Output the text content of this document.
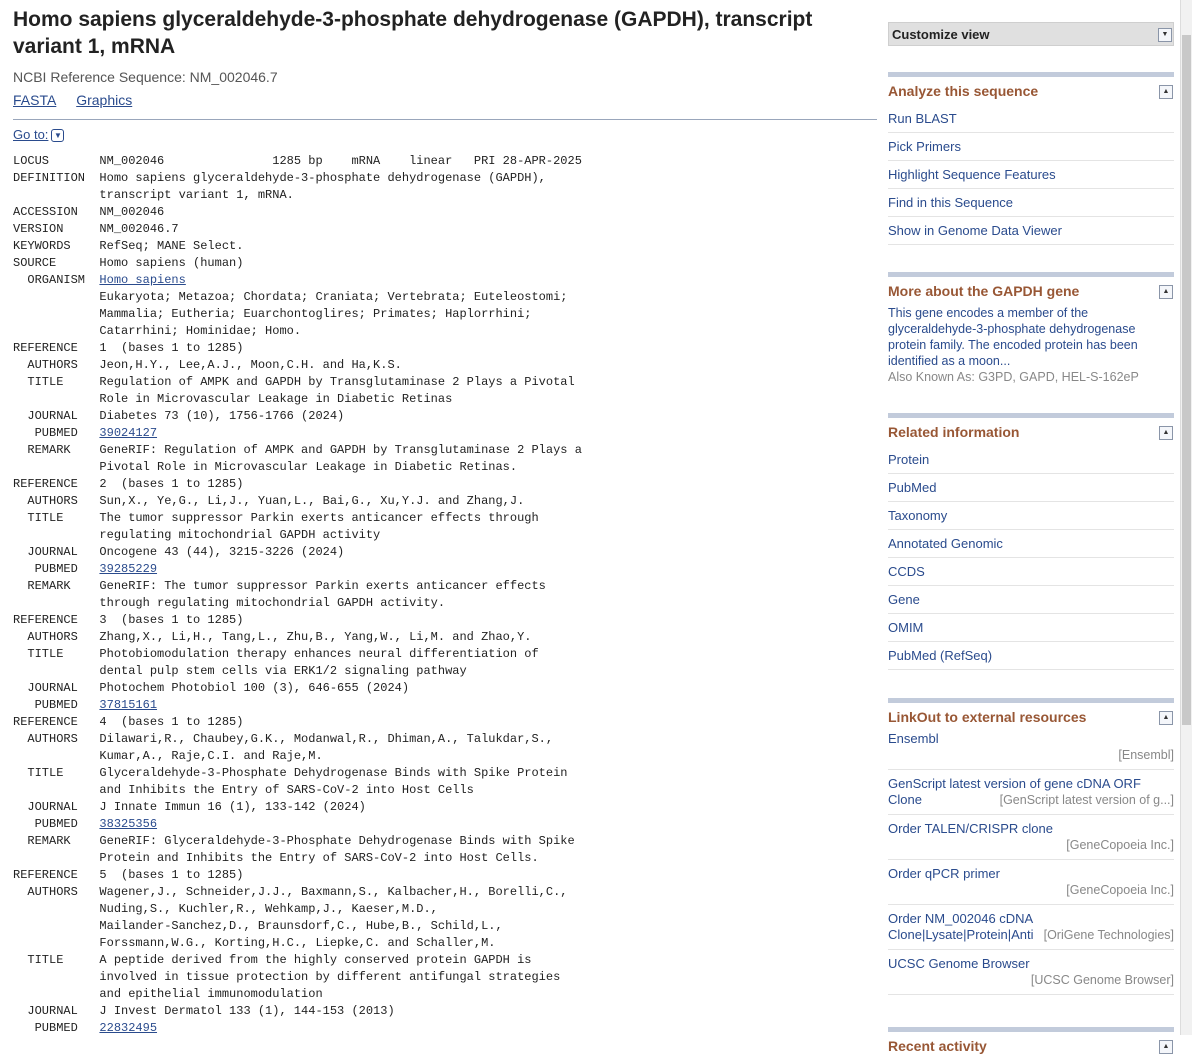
Homo sapiens glyceraldehyde-3-phosphate dehydrogenase (GAPDH), transcript variant 1, mRNA
NCBI Reference Sequence: NM_002046.7
FASTA Graphics
Go to: ▼
LOCUS       NM_002046               1285 bp    mRNA    linear   PRI 28-APR-2025
DEFINITION  Homo sapiens glyceraldehyde-3-phosphate dehydrogenase (GAPDH),
transcript variant 1, mRNA.
ACCESSION   NM_002046
VERSION     NM_002046.7
KEYWORDS    RefSeq; MANE Select.
SOURCE      Homo sapiens (human)
ORGANISM  Homo sapiens
Eukaryota; Metazoa; Chordata; Craniata; Vertebrata; Euteleostomi;
Mammalia; Eutheria; Euarchontoglires; Primates; Haplorrhini;
Catarrhini; Hominidae; Homo.
REFERENCE   1  (bases 1 to 1285)
AUTHORS   Jeon,H.Y., Lee,A.J., Moon,C.H. and Ha,K.S.
TITLE     Regulation of AMPK and GAPDH by Transglutaminase 2 Plays a Pivotal
Role in Microvascular Leakage in Diabetic Retinas
JOURNAL   Diabetes 73 (10), 1756-1766 (2024)
PUBMED   39024127
REMARK    GeneRIF: Regulation of AMPK and GAPDH by Transglutaminase 2 Plays a
Pivotal Role in Microvascular Leakage in Diabetic Retinas.
REFERENCE   2  (bases 1 to 1285)
AUTHORS   Sun,X., Ye,G., Li,J., Yuan,L., Bai,G., Xu,Y.J. and Zhang,J.
TITLE     The tumor suppressor Parkin exerts anticancer effects through
regulating mitochondrial GAPDH activity
JOURNAL   Oncogene 43 (44), 3215-3226 (2024)
PUBMED   39285229
REMARK    GeneRIF: The tumor suppressor Parkin exerts anticancer effects
through regulating mitochondrial GAPDH activity.
REFERENCE   3  (bases 1 to 1285)
AUTHORS   Zhang,X., Li,H., Tang,L., Zhu,B., Yang,W., Li,M. and Zhao,Y.
TITLE     Photobiomodulation therapy enhances neural differentiation of
dental pulp stem cells via ERK1/2 signaling pathway
JOURNAL   Photochem Photobiol 100 (3), 646-655 (2024)
PUBMED   37815161
REFERENCE   4  (bases 1 to 1285)
AUTHORS   Dilawari,R., Chaubey,G.K., Modanwal,R., Dhiman,A., Talukdar,S.,
Kumar,A., Raje,C.I. and Raje,M.
TITLE     Glyceraldehyde-3-Phosphate Dehydrogenase Binds with Spike Protein
and Inhibits the Entry of SARS-CoV-2 into Host Cells
JOURNAL   J Innate Immun 16 (1), 133-142 (2024)
PUBMED   38325356
REMARK    GeneRIF: Glyceraldehyde-3-Phosphate Dehydrogenase Binds with Spike
Protein and Inhibits the Entry of SARS-CoV-2 into Host Cells.
REFERENCE   5  (bases 1 to 1285)
AUTHORS   Wagener,J., Schneider,J.J., Baxmann,S., Kalbacher,H., Borelli,C.,
Nuding,S., Kuchler,R., Wehkamp,J., Kaeser,M.D.,
Mailander-Sanchez,D., Braunsdorf,C., Hube,B., Schild,L.,
Forssmann,W.G., Korting,H.C., Liepke,C. and Schaller,M.
TITLE     A peptide derived from the highly conserved protein GAPDH is
involved in tissue protection by different antifungal strategies
and epithelial immunomodulation
JOURNAL   J Invest Dermatol 133 (1), 144-153 (2013)
PUBMED   22832495
Customize view	▼
Analyze this sequence	▲
Run BLAST
Pick Primers
Highlight Sequence Features
Find in this Sequence
Show in Genome Data Viewer
More about the GAPDH gene	▲
This gene encodes a member of the glyceraldehyde-3-phosphate dehydrogenase protein family. The encoded protein has been identified as a moon...
Also Known As: G3PD, GAPD, HEL-S-162eP
Related information	▲
Protein
PubMed
Taxonomy
Annotated Genomic
CCDS
Gene
OMIM
PubMed (RefSeq)
LinkOut to external resources	▲
Ensembl
[Ensembl]
GenScript latest version of gene cDNA ORF
Clone	[GenScript latest version of g...]
Order TALEN/CRISPR clone
[GeneCopoeia Inc.]
Order qPCR primer
[GeneCopoeia Inc.]
Order NM_002046 cDNA
Clone|Lysate|Protein|Anti [OriGene Technologies]
UCSC Genome Browser
[UCSC Genome Browser]
Recent activity	▲
